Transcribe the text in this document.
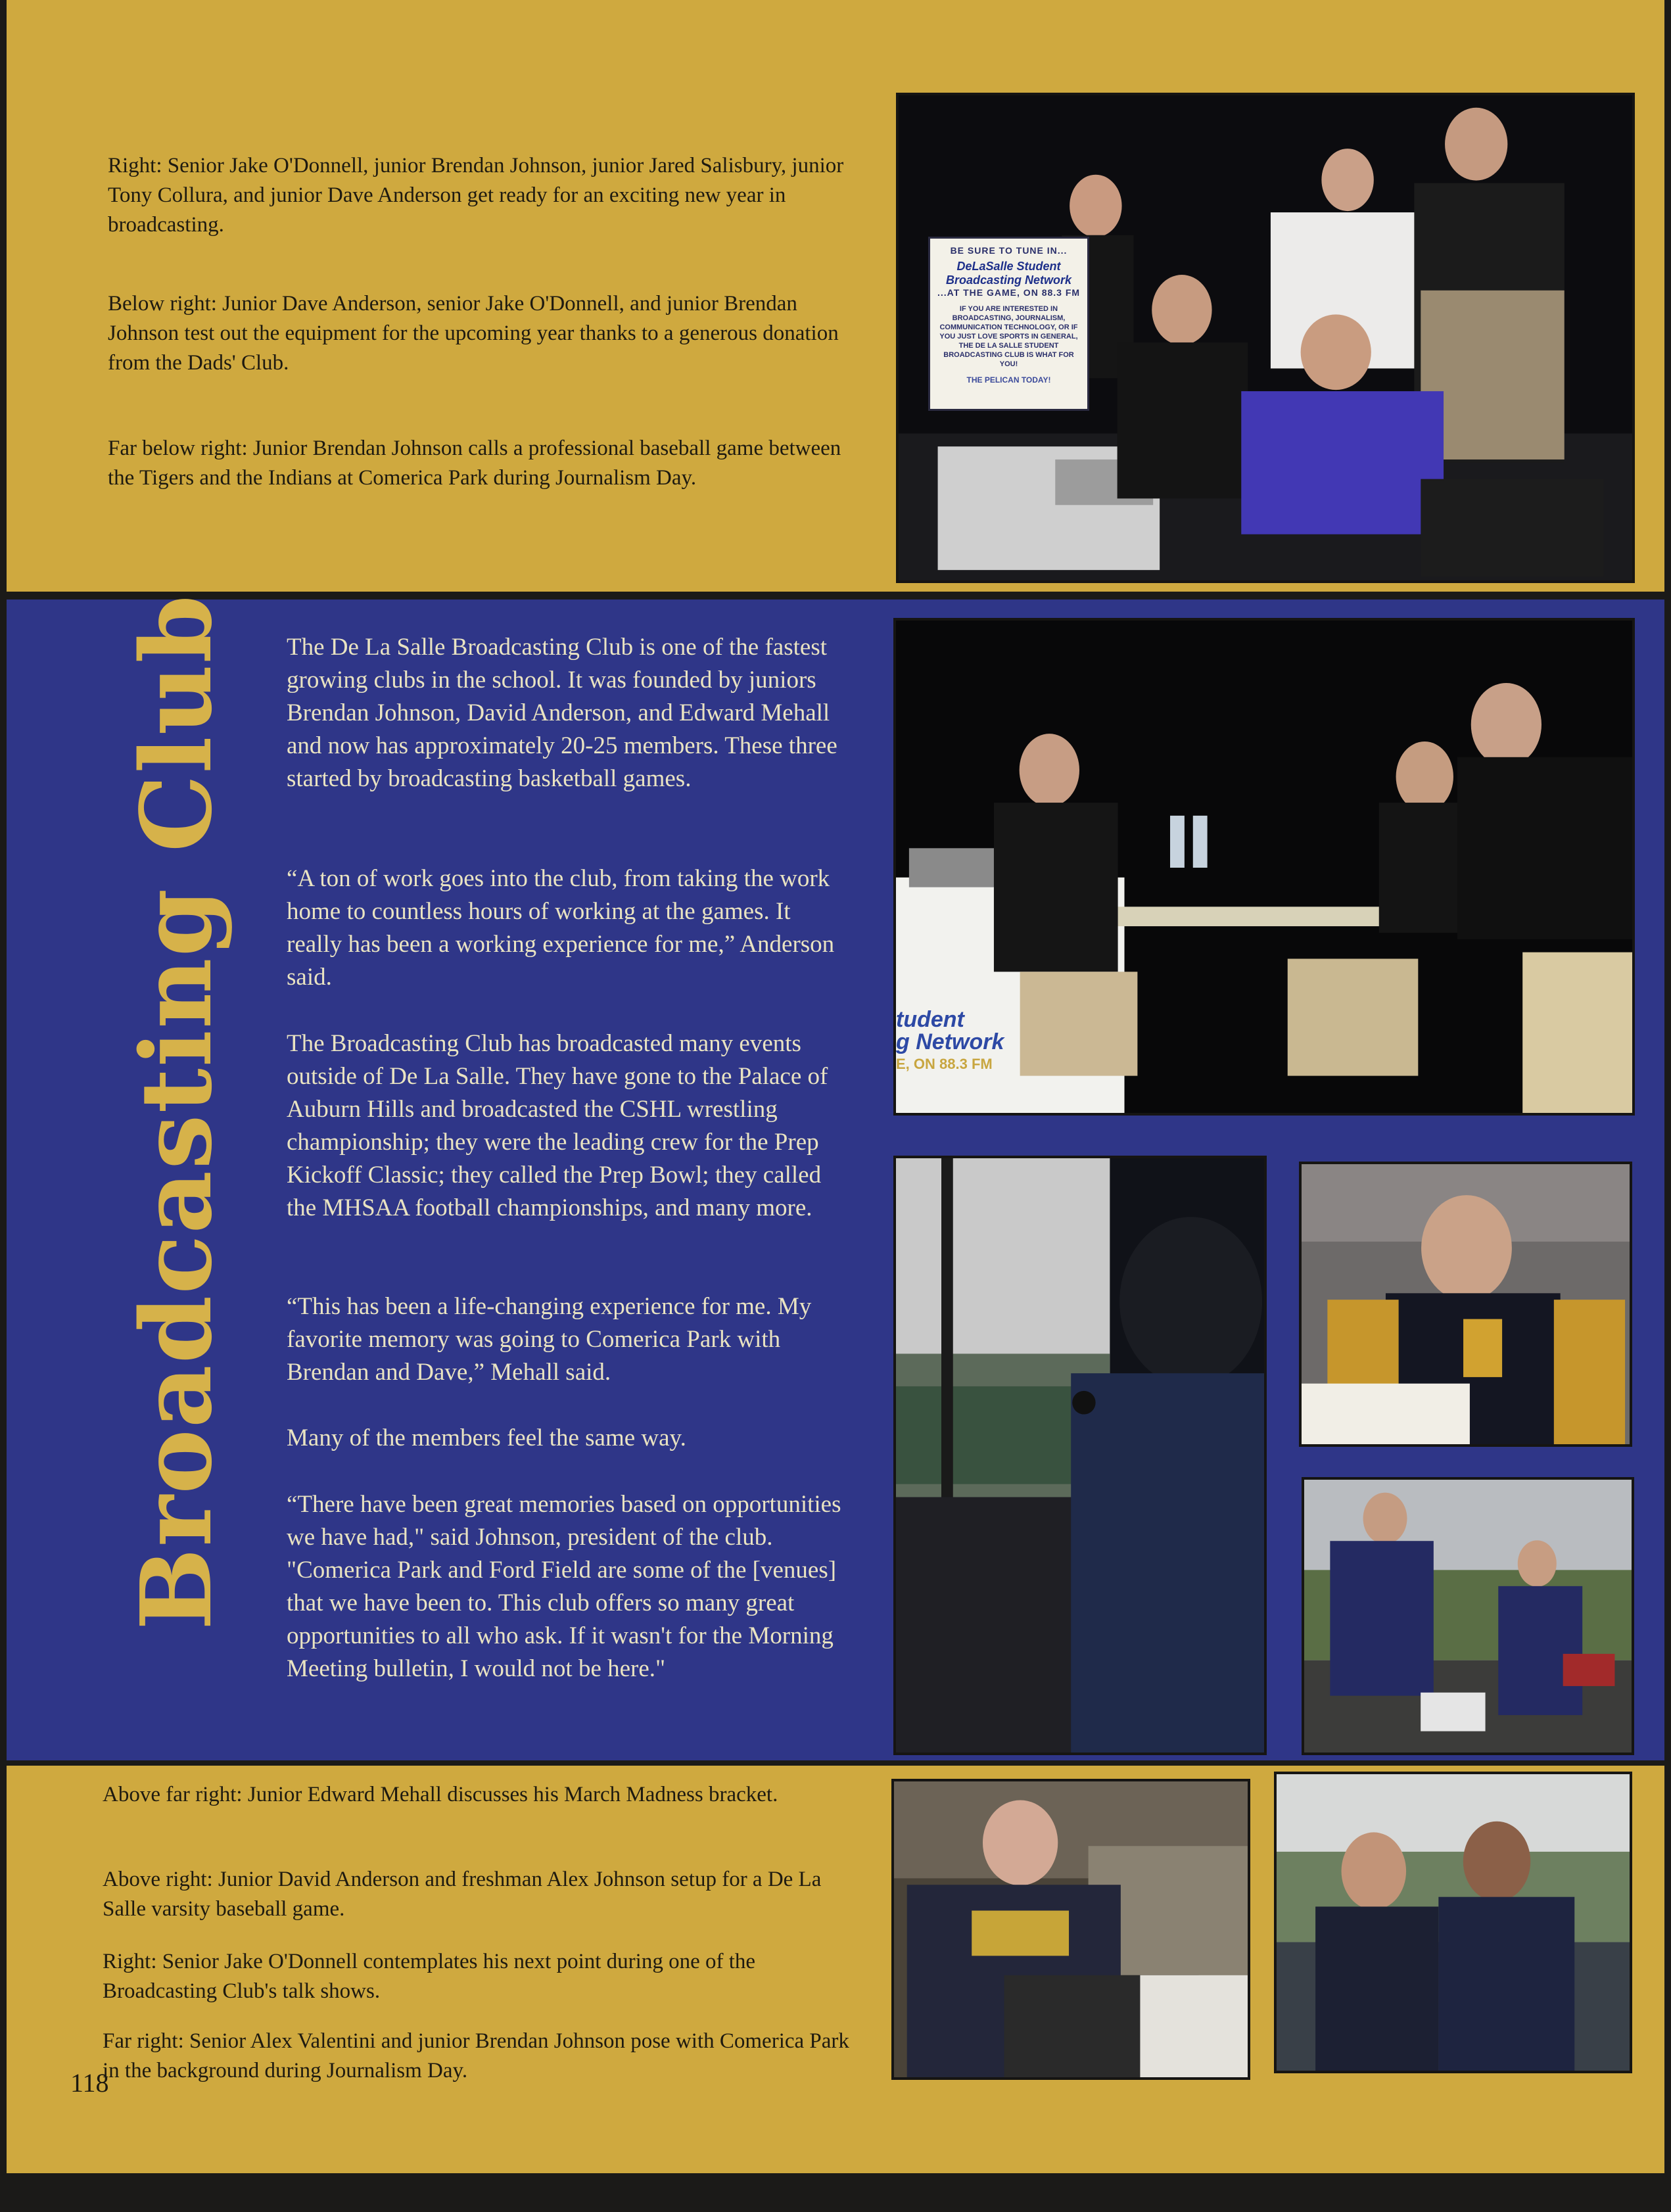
Right: Senior Jake O'Donnell, junior Brendan Johnson, junior Jared Salisbury, junior Tony Collura, and junior Dave Anderson get ready for an exciting new year in broadcasting.

Below right: Junior Dave Anderson, senior Jake O'Donnell, and junior Brendan Johnson test out the equipment for the upcoming year thanks to a generous donation from the Dads' Club.

Far below right: Junior Brendan Johnson calls a professional baseball game between the Tigers and the Indians at Comerica Park during Journalism Day.

BE SURE TO TUNE IN...
DeLaSalle Student Broadcasting Network
...AT THE GAME, ON 88.3 FM
IF YOU ARE INTERESTED IN BROADCASTING, JOURNALISM, COMMUNICATION TECHNOLOGY, OR IF YOU JUST LOVE SPORTS IN GENERAL, THE DE LA SALLE STUDENT BROADCASTING CLUB IS WHAT FOR YOU!
THE PELICAN TODAY!
Broadcasting Club The De La Salle Broadcasting Club is one of the fastest growing clubs in the school. It was founded by juniors Brendan Johnson, David Anderson, and Edward Mehall and now has approximately 20-25 members. These three started by broadcasting basketball games.

“A ton of work goes into the club, from taking the work home to countless hours of working at the games. It really has been a working experience for me,” Anderson said.

The Broadcasting Club has broadcasted many events outside of De La Salle. They have gone to the Palace of Auburn Hills and broadcasted the CSHL wrestling championship; they were the leading crew for the Prep Kickoff Classic; they called the Prep Bowl; they called the MHSAA football championships, and many more.

“This has been a life-changing experience for me. My favorite memory was going to Comerica Park with Brendan and Dave,” Mehall said.

Many of the members feel the same way.

“There have been great memories based on opportunities we have had," said Johnson, president of the club. "Comerica Park and Ford Field are some of the [venues] that we have been to. This club offers so many great opportunities to all who ask. If it wasn't for the Morning Meeting bulletin, I would not be here."

tudent
g Network
E, ON 88.3 FM

Above far right: Junior Edward Mehall discusses his March Madness bracket.

Above right: Junior David Anderson and freshman Alex Johnson setup for a De La Salle varsity baseball game.

Right: Senior Jake O'Donnell contemplates his next point during one of the Broadcasting Club's talk shows.

Far right: Senior Alex Valentini and junior Brendan Johnson pose with Comerica Park in the background during Journalism Day.

118
